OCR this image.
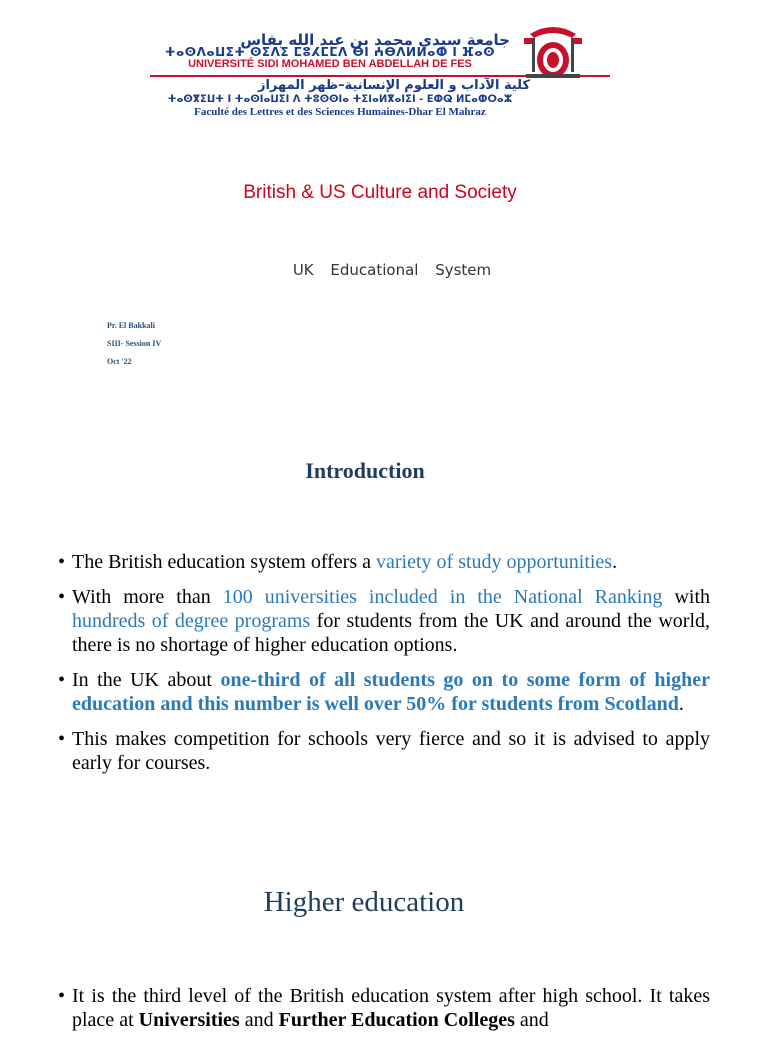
جامعة سيدي محمد بن عبد الله بفاس
ⵜⴰⵙⴷⴰⵡⵉⵜ ⵙⵉⴷⵉ ⵎⵓⵃⵎⵎⴷ ⴱⵏ ⵄⴱⴷⵍⵍⴰⵀ ⵏ ⴼⴰⵙ
UNIVERSITÉ SIDI MOHAMED BEN ABDELLAH DE FES
كلية الآداب و العلوم الإنسانية–ظهر المهراز
ⵜⴰⵙⴳⵉⵡⵜ ⵏ ⵜⴰⵙⵏⴰⵡⵉⵏ ⴷ ⵜⵓⵙⵙⵏⴰ ⵜⵉⵏⴰⵍⴳⴰⵏⵉⵏ - ⴹⵀⵕ ⵍⵎⴰⵀⵔⴰⵣ
Faculté des Lettres et des Sciences Humaines-Dhar El Mahraz
British & US Culture and Society
UK Educational System
Pr. El Bakkali
SIII- Session IV
Oct '22
Introduction
• The British education system offers a variety of study opportunities.
• With more than 100 universities included in the National Ranking with hundreds of degree programs for students from the UK and around the world, there is no shortage of higher education options.
• In the UK about one-third of all students go on to some form of higher education and this number is well over 50% for students from Scotland.
• This makes competition for schools very fierce and so it is advised to apply early for courses.
Higher education
• It is the third level of the British education system after high school. It takes place at Universities and Further Education Colleges and
